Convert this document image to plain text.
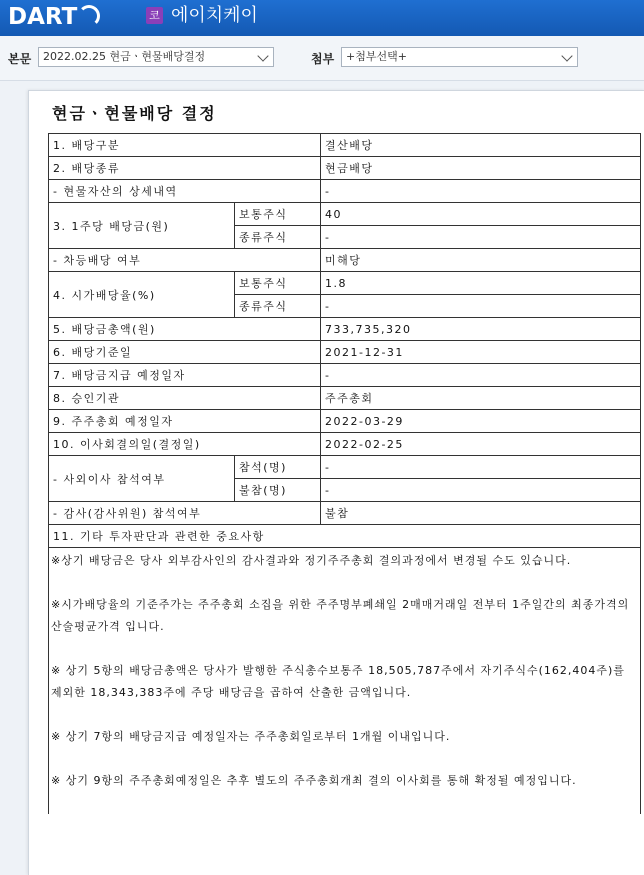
DART	코 에이치케이
본문	2022.02.25 현금ㆍ현물배당결정	첨부	+첨부선택+
현금ㆍ현물배당 결정
1. 배당구분		결산배당
2. 배당종류		현금배당
- 현물자산의 상세내역		-
3. 1주당 배당금(원)	보통주식	40
	종류주식	-
- 차등배당 여부		미해당
4. 시가배당율(%)	보통주식	1.8
	종류주식	-
5. 배당금총액(원)		733,735,320
6. 배당기준일		2021-12-31
7. 배당금지급 예정일자		-
8. 승인기관		주주총회
9. 주주총회 예정일자		2022-03-29
10. 이사회결의일(결정일)		2022-02-25
- 사외이사 참석여부	참석(명)	-
	불참(명)	-
- 감사(감사위원) 참석여부		불참
11. 기타 투자판단과 관련한 중요사항		

※상기 배당금은 당사 외부감사인의 감사결과와 정기주주총회 결의과정에서 변경될 수도 있습니다.

※시가배당율의 기준주가는 주주총회 소집을 위한 주주명부폐쇄일 2매매거래일 전부터 1주일간의 최종가격의 산술평균가격 입니다.

※ 상기 5항의 배당금총액은 당사가 발행한 주식총수보통주 18,505,787주에서 자기주식수(162,404주)를 제외한 18,343,383주에 주당 배당금을 곱하여 산출한 금액입니다.

※ 상기 7항의 배당금지급 예정일자는 주주총회일로부터 1개월 이내입니다.

※ 상기 9항의 주주총회예정일은 추후 별도의 주주총회개최 결의 이사회를 통해 확정될 예정입니다.		
